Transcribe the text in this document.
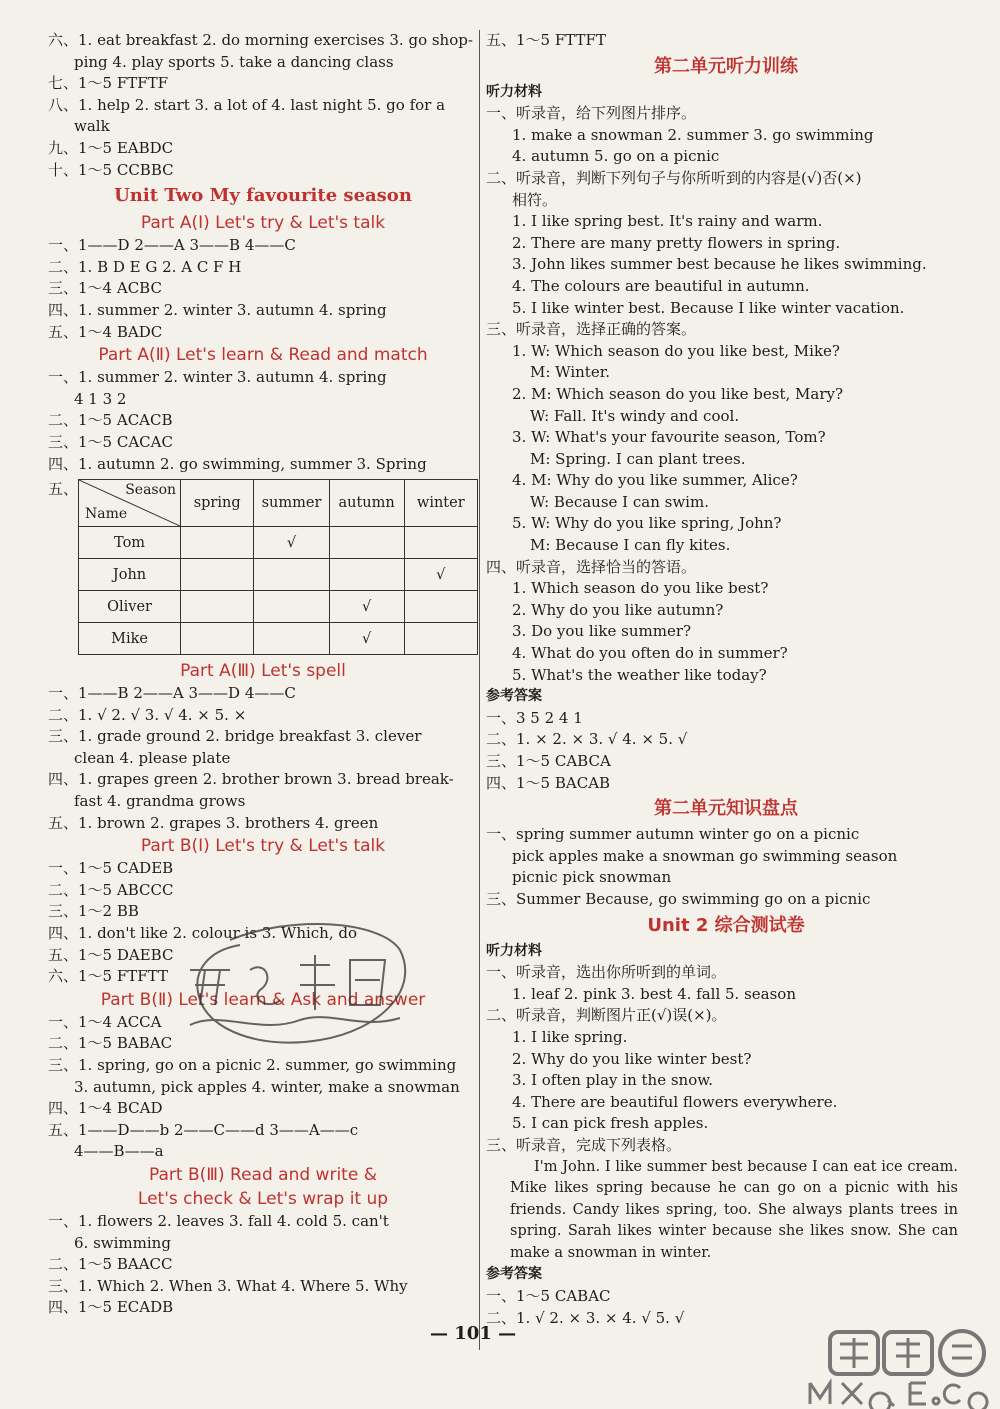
六、1. eat breakfast 2. do morning exercises 3. go shop-
ping 4. play sports 5. take a dancing class
七、1～5 FTFTF
八、1. help 2. start 3. a lot of 4. last night 5. go for a
walk
九、1～5 EABDC
十、1～5 CCBBC
Unit Two My favourite season
Part A(Ⅰ) Let's try & Let's talk
一、1——D 2——A 3——B 4——C
二、1. B D E G 2. A C F H
三、1～4 ACBC
四、1. summer 2. winter 3. autumn 4. spring
五、1～4 BADC
Part A(Ⅱ) Let's learn & Read and match
一、1. summer 2. winter 3. autumn 4. spring
4 1 3 2
二、1～5 ACACB
三、1～5 CACAC
四、1. autumn 2. go swimming, summer 3. Spring
五、	Season
Name	spring	summer	autumn	winter
Tom		√		
John				√
Oliver			√	
Mike			√	
Part A(Ⅲ) Let's spell
一、1——B 2——A 3——D 4——C
二、1. √ 2. √ 3. √ 4. × 5. ×
三、1. grade ground 2. bridge breakfast 3. clever
clean 4. please plate
四、1. grapes green 2. brother brown 3. bread break-
fast 4. grandma grows
五、1. brown 2. grapes 3. brothers 4. green
Part B(Ⅰ) Let's try & Let's talk
一、1～5 CADEB
二、1～5 ABCCC
三、1～2 BB
四、1. don't like 2. colour is 3. Which, do
五、1～5 DAEBC
六、1～5 FTFTT
Part B(Ⅱ) Let's learn & Ask and answer
一、1～4 ACCA
二、1～5 BABAC
三、1. spring, go on a picnic 2. summer, go swimming
3. autumn, pick apples 4. winter, make a snowman
四、1～4 BCAD
五、1——D——b 2——C——d 3——A——c
4——B——a
Part B(Ⅲ) Read and write &
Let's check & Let's wrap it up
一、1. flowers 2. leaves 3. fall 4. cold 5. can't
6. swimming
二、1～5 BAACC
三、1. Which 2. When 3. What 4. Where 5. Why
四、1～5 ECADB
五、1～5 FTTFT
第二单元听力训练
听力材料
一、听录音，给下列图片排序。
1. make a snowman 2. summer 3. go swimming
4. autumn 5. go on a picnic
二、听录音，判断下列句子与你所听到的内容是(√)否(×)
相符。
1. I like spring best. It's rainy and warm.
2. There are many pretty flowers in spring.
3. John likes summer best because he likes swimming.
4. The colours are beautiful in autumn.
5. I like winter best. Because I like winter vacation.
三、听录音，选择正确的答案。
1. W: Which season do you like best, Mike?
M: Winter.
2. M: Which season do you like best, Mary?
W: Fall. It's windy and cool.
3. W: What's your favourite season, Tom?
M: Spring. I can plant trees.
4. M: Why do you like summer, Alice?
W: Because I can swim.
5. W: Why do you like spring, John?
M: Because I can fly kites.
四、听录音，选择恰当的答语。
1. Which season do you like best?
2. Why do you like autumn?
3. Do you like summer?
4. What do you often do in summer?
5. What's the weather like today?
参考答案
一、3 5 2 4 1
二、1. × 2. × 3. √ 4. × 5. √
三、1～5 CABCA
四、1～5 BACAB
第二单元知识盘点
一、spring summer autumn winter go on a picnic
pick apples make a snowman go swimming season
picnic pick snowman
三、Summer Because, go swimming go on a picnic
Unit 2 综合测试卷
听力材料
一、听录音，选出你所听到的单词。
1. leaf 2. pink 3. best 4. fall 5. season
二、听录音，判断图片正(√)误(×)。
1. I like spring.
2. Why do you like winter best?
3. I often play in the snow.
4. There are beautiful flowers everywhere.
5. I can pick fresh apples.
三、听录音，完成下列表格。
I'm John. I like summer best because I can eat ice cream. Mike likes spring because he can go on a picnic with his friends. Candy likes spring, too. She always plants trees in spring. Sarah likes winter because she likes snow. She can make a snowman in winter.
参考答案
一、1～5 CABAC
二、1. √ 2. × 3. × 4. √ 5. √
— 101 —
